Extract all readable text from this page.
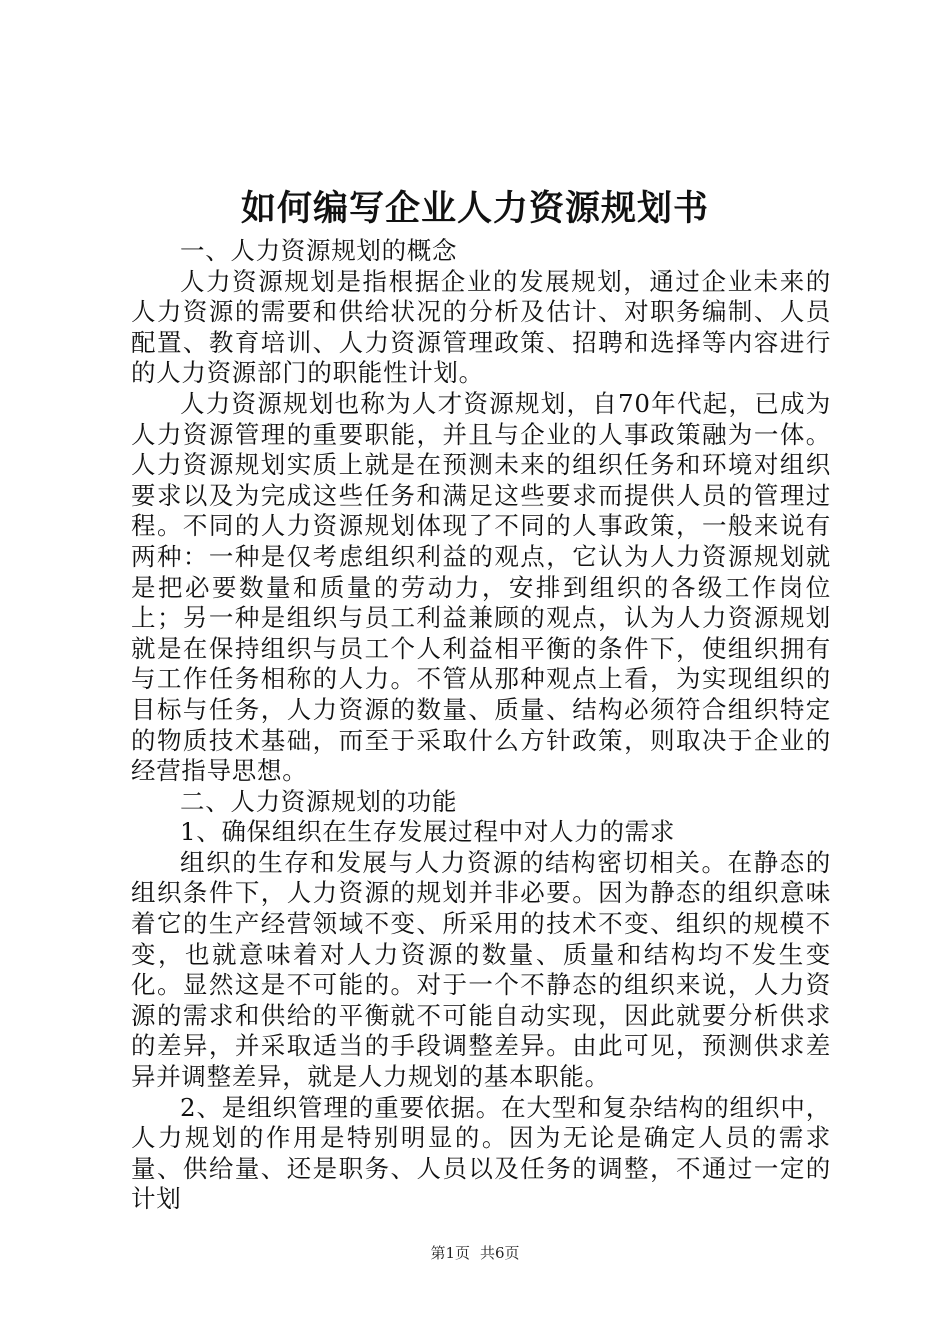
如何编写企业人力资源规划书

一、人力资源规划的概念

人力资源规划是指根据企业的发展规划，通过企业未来的人力资源的需要和供给状况的分析及估计、对职务编制、人员配置、教育培训、人力资源管理政策、招聘和选择等内容进行的人力资源部门的职能性计划。

人力资源规划也称为人才资源规划，自70年代起，已成为人力资源管理的重要职能，并且与企业的人事政策融为一体。人力资源规划实质上就是在预测未来的组织任务和环境对组织要求以及为完成这些任务和满足这些要求而提供人员的管理过程。不同的人力资源规划体现了不同的人事政策，一般来说有两种：一种是仅考虑组织利益的观点，它认为人力资源规划就是把必要数量和质量的劳动力，安排到组织的各级工作岗位上；另一种是组织与员工利益兼顾的观点，认为人力资源规划就是在保持组织与员工个人利益相平衡的条件下，使组织拥有与工作任务相称的人力。不管从那种观点上看，为实现组织的目标与任务，人力资源的数量、质量、结构必须符合组织特定的物质技术基础，而至于采取什么方针政策，则取决于企业的经营指导思想。

二、人力资源规划的功能

1、确保组织在生存发展过程中对人力的需求

组织的生存和发展与人力资源的结构密切相关。在静态的组织条件下，人力资源的规划并非必要。因为静态的组织意味着它的生产经营领域不变、所采用的技术不变、组织的规模不变，也就意味着对人力资源的数量、质量和结构均不发生变化。显然这是不可能的。对于一个不静态的组织来说，人力资源的需求和供给的平衡就不可能自动实现，因此就要分析供求的差异，并采取适当的手段调整差异。由此可见，预测供求差异并调整差异，就是人力规划的基本职能。

2、是组织管理的重要依据。在大型和复杂结构的组织中，人力规划的作用是特别明显的。因为无论是确定人员的需求量、供给量、还是职务、人员以及任务的调整，不通过一定的计划

第1页 共6页
